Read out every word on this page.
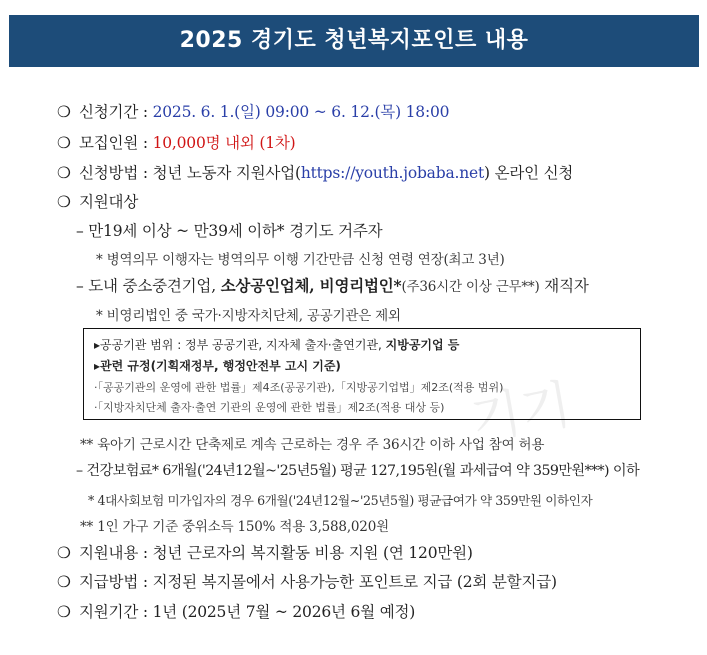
2025 경기도 청년복지포인트 내용
❍ 신청기간 : 2025. 6. 1.(일) 09:00 ~ 6. 12.(목) 18:00
❍ 모집인원 : 10,000명 내외 (1차)
❍ 신청방법 : 청년 노동자 지원사업(https://youth.jobaba.net) 온라인 신청
❍ 지원대상
– 만19세 이상 ~ 만39세 이하* 경기도 거주자
* 병역의무 이행자는 병역의무 이행 기간만큼 신청 연령 연장(최고 3년)
– 도내 중소중견기업, 소상공인업체, 비영리법인*(주36시간 이상 근무**) 재직자
* 비영리법인 중 국가·지방자치단체, 공공기관은 제외
▸공공기관 범위 : 정부 공공기관, 지자체 출자·출연기관, 지방공기업 등
▸관련 규정(기획재정부, 행정안전부 고시 기준)
·「공공기관의 운영에 관한 법률」제4조(공공기관),「지방공기업법」제2조(적용 범위)
·「지방자치단체 출자·출연 기관의 운영에 관한 법률」제2조(적용 대상 등) 기기
** 육아기 근로시간 단축제로 계속 근로하는 경우 주 36시간 이하 사업 참여 허용
– 건강보험료* 6개월('24년12월~'25년5월) 평균 127,195원(월 과세급여 약 359만원***) 이하
* 4대사회보험 미가입자의 경우 6개월('24년12월~'25년5월) 평균급여가 약 359만원 이하인자
** 1인 가구 기준 중위소득 150% 적용 3,588,020원
❍ 지원내용 : 청년 근로자의 복지활동 비용 지원 (연 120만원)
❍ 지급방법 : 지정된 복지몰에서 사용가능한 포인트로 지급 (2회 분할지급)
❍ 지원기간 : 1년 (2025년 7월 ~ 2026년 6월 예정)
